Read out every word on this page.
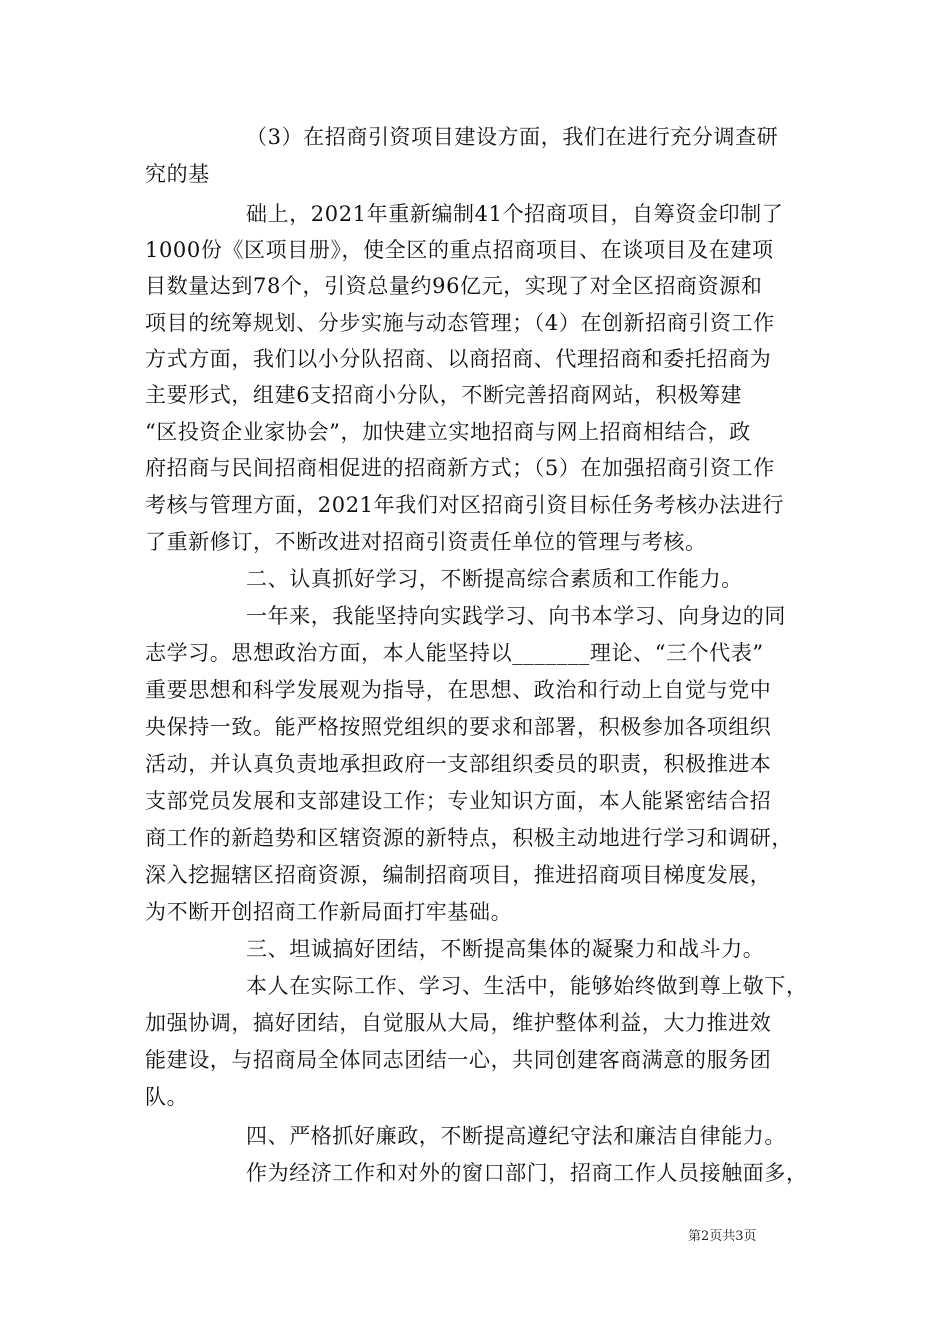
（3）在招商引资项目建设方面，我们在进行充分调查研
究的基
础上，2021年重新编制41个招商项目，自筹资金印制了
1000份《区项目册》，使全区的重点招商项目、在谈项目及在建项
目数量达到78个，引资总量约96亿元，实现了对全区招商资源和
项目的统筹规划、分步实施与动态管理；（4）在创新招商引资工作
方式方面，我们以小分队招商、以商招商、代理招商和委托招商为
主要形式，组建6支招商小分队，不断完善招商网站，积极筹建
“区投资企业家协会”，加快建立实地招商与网上招商相结合，政
府招商与民间招商相促进的招商新方式；（5）在加强招商引资工作
考核与管理方面，2021年我们对区招商引资目标任务考核办法进行
了重新修订，不断改进对招商引资责任单位的管理与考核。
二、认真抓好学习，不断提高综合素质和工作能力。
一年来，我能坚持向实践学习、向书本学习、向身边的同
志学习。思想政治方面，本人能坚持以_______理论、“三个代表”
重要思想和科学发展观为指导，在思想、政治和行动上自觉与党中
央保持一致。能严格按照党组织的要求和部署，积极参加各项组织
活动，并认真负责地承担政府一支部组织委员的职责，积极推进本
支部党员发展和支部建设工作；专业知识方面，本人能紧密结合招
商工作的新趋势和区辖资源的新特点，积极主动地进行学习和调研，
深入挖掘辖区招商资源，编制招商项目，推进招商项目梯度发展，
为不断开创招商工作新局面打牢基础。
三、坦诚搞好团结，不断提高集体的凝聚力和战斗力。
本人在实际工作、学习、生活中，能够始终做到尊上敬下，
加强协调，搞好团结，自觉服从大局，维护整体利益，大力推进效
能建设，与招商局全体同志团结一心，共同创建客商满意的服务团
队。
四、严格抓好廉政，不断提高遵纪守法和廉洁自律能力。
作为经济工作和对外的窗口部门，招商工作人员接触面多，
第2页共3页
